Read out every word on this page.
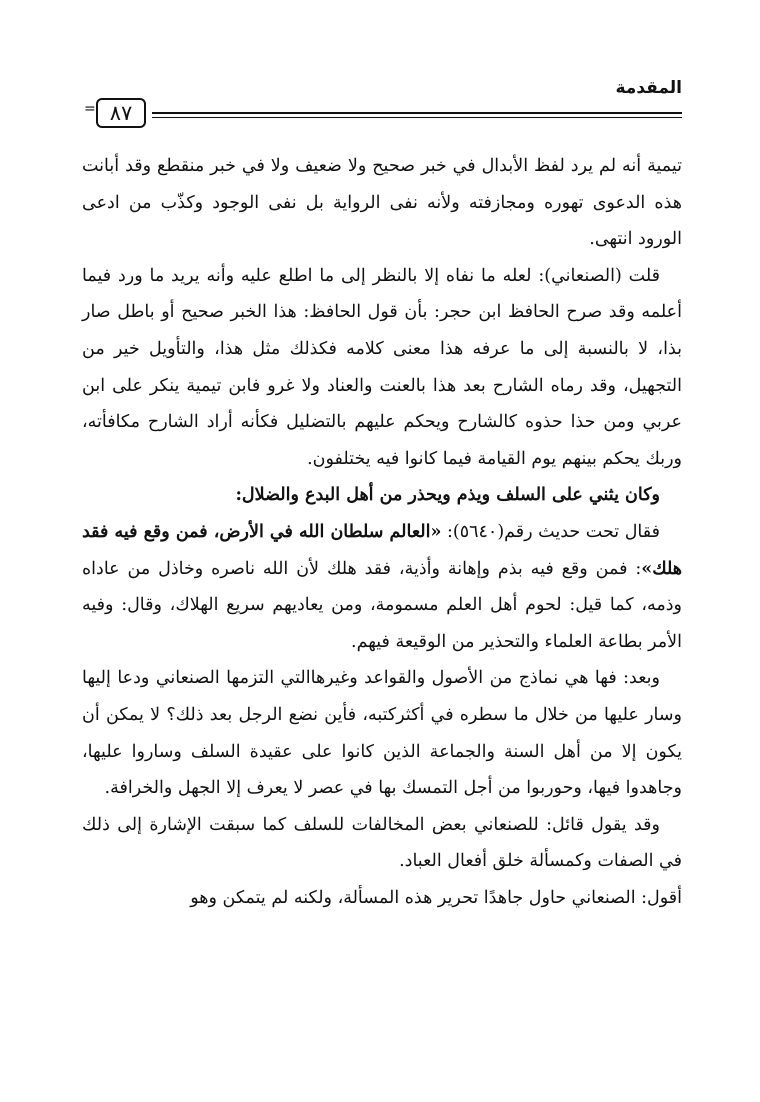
المقدمة
٨٧
=

تيمية أنه لم يرد لفظ الأبدال في خبر صحيح ولا ضعيف ولا في خبر منقطع وقد أبانت هذه الدعوى تهوره ومجازفته ولأنه نفى الرواية بل نفى الوجود وكذّب من ادعى الورود انتهى.

قلت (الصنعاني): لعله ما نفاه إلا بالنظر إلى ما اطلع عليه وأنه يريد ما ورد فيما أعلمه وقد صرح الحافظ ابن حجر: بأن قول الحافظ: هذا الخبر صحيح أو باطل صار بذا، لا بالنسبة إلى ما عرفه هذا معنى كلامه فكذلك مثل هذا، والتأويل خير من التجهيل، وقد رماه الشارح بعد هذا بالعنت والعناد ولا غرو فابن تيمية ينكر على ابن عربي ومن حذا حذوه كالشارح ويحكم عليهم بالتضليل فكأنه أراد الشارح مكافأته، وربك يحكم بينهم يوم القيامة فيما كانوا فيه يختلفون.

وكان يثني على السلف ويذم ويحذر من أهل البدع والضلال:

فقال تحت حديث رقم(٥٦٤٠): «العالم سلطان الله في الأرض، فمن وقع فيه فقد هلك»: فمن وقع فيه بذم وإهانة وأذية، فقد هلك لأن الله ناصره وخاذل من عاداه وذمه، كما قيل: لحوم أهل العلم مسمومة، ومن يعاديهم سريع الهلاك، وقال: وفيه الأمر بطاعة العلماء والتحذير من الوقيعة فيهم.

وبعد: فها هي نماذج من الأصول والقواعد وغيرهاالتي التزمها الصنعاني ودعا إليها وسار عليها من خلال ما سطره في أكثركتبه، فأين نضع الرجل بعد ذلك؟ لا يمكن أن يكون إلا من أهل السنة والجماعة الذين كانوا على عقيدة السلف وساروا عليها، وجاهدوا فيها، وحوربوا من أجل التمسك بها في عصر لا يعرف إلا الجهل والخرافة.

وقد يقول قائل: للصنعاني بعض المخالفات للسلف كما سبقت الإشارة إلى ذلك في الصفات وكمسألة خلق أفعال العباد.

أقول: الصنعاني حاول جاهدًا تحرير هذه المسألة، ولكنه لم يتمكن وهو
